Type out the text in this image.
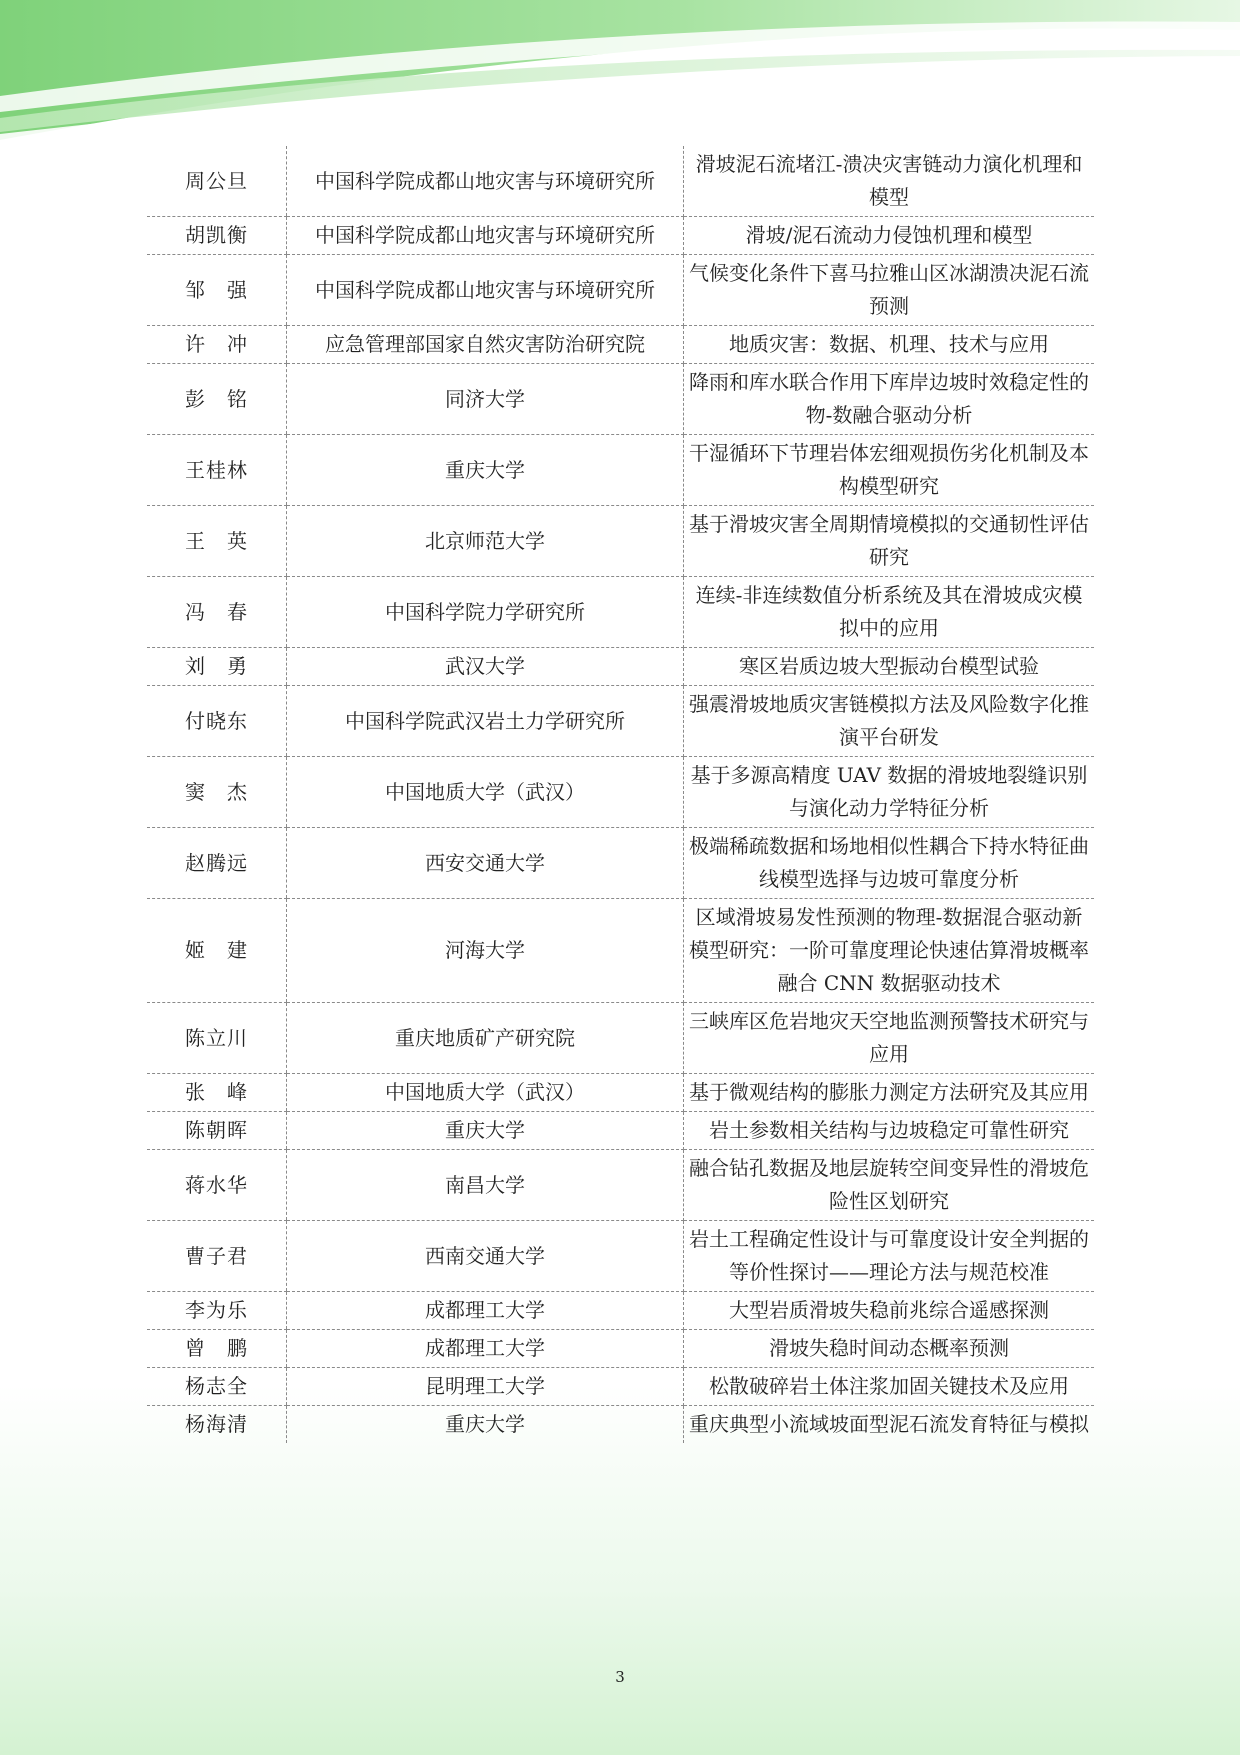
周公旦	中国科学院成都山地灾害与环境研究所	滑坡泥石流堵江-溃决灾害链动力演化机理和模型
胡凯衡	中国科学院成都山地灾害与环境研究所	滑坡/泥石流动力侵蚀机理和模型
邹　强	中国科学院成都山地灾害与环境研究所	气候变化条件下喜马拉雅山区冰湖溃决泥石流预测
许　冲	应急管理部国家自然灾害防治研究院	地质灾害：数据、机理、技术与应用
彭　铭	同济大学	降雨和库水联合作用下库岸边坡时效稳定性的物-数融合驱动分析
王桂林	重庆大学	干湿循环下节理岩体宏细观损伤劣化机制及本构模型研究
王　英	北京师范大学	基于滑坡灾害全周期情境模拟的交通韧性评估研究
冯　春	中国科学院力学研究所	连续-非连续数值分析系统及其在滑坡成灾模拟中的应用
刘　勇	武汉大学	寒区岩质边坡大型振动台模型试验
付晓东	中国科学院武汉岩土力学研究所	强震滑坡地质灾害链模拟方法及风险数字化推演平台研发
窦　杰	中国地质大学（武汉）	基于多源高精度 UAV 数据的滑坡地裂缝识别与演化动力学特征分析
赵腾远	西安交通大学	极端稀疏数据和场地相似性耦合下持水特征曲线模型选择与边坡可靠度分析
姬　建	河海大学	区域滑坡易发性预测的物理-数据混合驱动新模型研究：一阶可靠度理论快速估算滑坡概率融合 CNN 数据驱动技术
陈立川	重庆地质矿产研究院	三峡库区危岩地灾天空地监测预警技术研究与应用
张　峰	中国地质大学（武汉）	基于微观结构的膨胀力测定方法研究及其应用
陈朝晖	重庆大学	岩土参数相关结构与边坡稳定可靠性研究
蒋水华	南昌大学	融合钻孔数据及地层旋转空间变异性的滑坡危险性区划研究
曹子君	西南交通大学	岩土工程确定性设计与可靠度设计安全判据的等价性探讨——理论方法与规范校准
李为乐	成都理工大学	大型岩质滑坡失稳前兆综合遥感探测
曾　鹏	成都理工大学	滑坡失稳时间动态概率预测
杨志全	昆明理工大学	松散破碎岩土体注浆加固关键技术及应用
杨海清	重庆大学	重庆典型小流域坡面型泥石流发育特征与模拟
3
